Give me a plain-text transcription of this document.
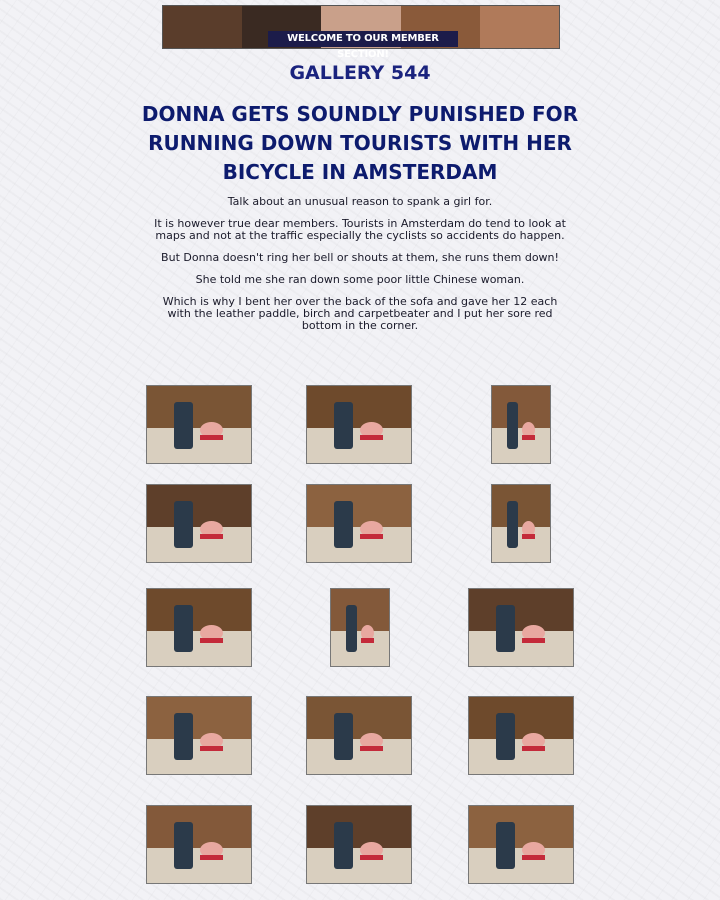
WELCOME TO OUR MEMBER SECTION!
GALLERY 544
DONNA GETS SOUNDLY PUNISHED FOR RUNNING DOWN TOURISTS WITH HER BICYCLE IN AMSTERDAM

Talk about an unusual reason to spank a girl for.

It is however true dear members. Tourists in Amsterdam do tend to look at maps and not at the traffic especially the cyclists so accidents do happen.

But Donna doesn't ring her bell or shouts at them, she runs them down!

She told me she ran down some poor little Chinese woman.

Which is why I bent her over the back of the sofa and gave her 12 each with the leather paddle, birch and carpetbeater and I put her sore red bottom in the corner.
